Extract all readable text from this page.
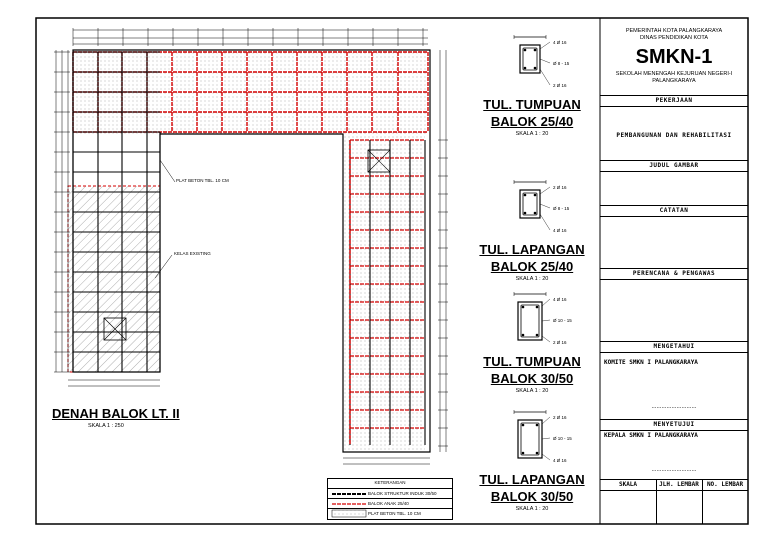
PLAT BETON TBL. 10 CM
KELAS EXISTING
DENAH BALOK LT. II
SKALA 1 : 250
TUL. TUMPUAN
BALOK 25/40
SKALA 1 : 20
4 Ø 16
Ø 8 - 15
2 Ø 16
TUL. LAPANGAN
BALOK 25/40
SKALA 1 : 20
2 Ø 16
Ø 8 - 15
4 Ø 16
TUL. TUMPUAN
BALOK 30/50
SKALA 1 : 20
4 Ø 16
Ø 10 - 15
2 Ø 16
TUL. LAPANGAN
BALOK 30/50
SKALA 1 : 20
2 Ø 16
Ø 10 - 15
4 Ø 16
KETERANGAN
BALOK STRUKTUR INDUK 30/50
BALOK ANAK 25/40
PLAT BETON TBL. 10 CM
PEMERINTAH KOTA PALANGKARAYA
DINAS PENDIDIKAN KOTA
SMKN-1
SEKOLAH MENENGAH KEJURUAN NEGERI-I
PALANGKARAYA
PEKERJAAN
PEMBANGUNAN DAN REHABILITASI
JUDUL GAMBAR
CATATAN
PERENCANA & PENGAWAS
MENGETAHUI
KOMITE SMKN I PALANGKARAYA
...........................
MENYETUJUI
KEPALA SMKN I PALANGKARAYA
...........................
SKALA	JLH. LEMBAR	NO. LEMBAR
